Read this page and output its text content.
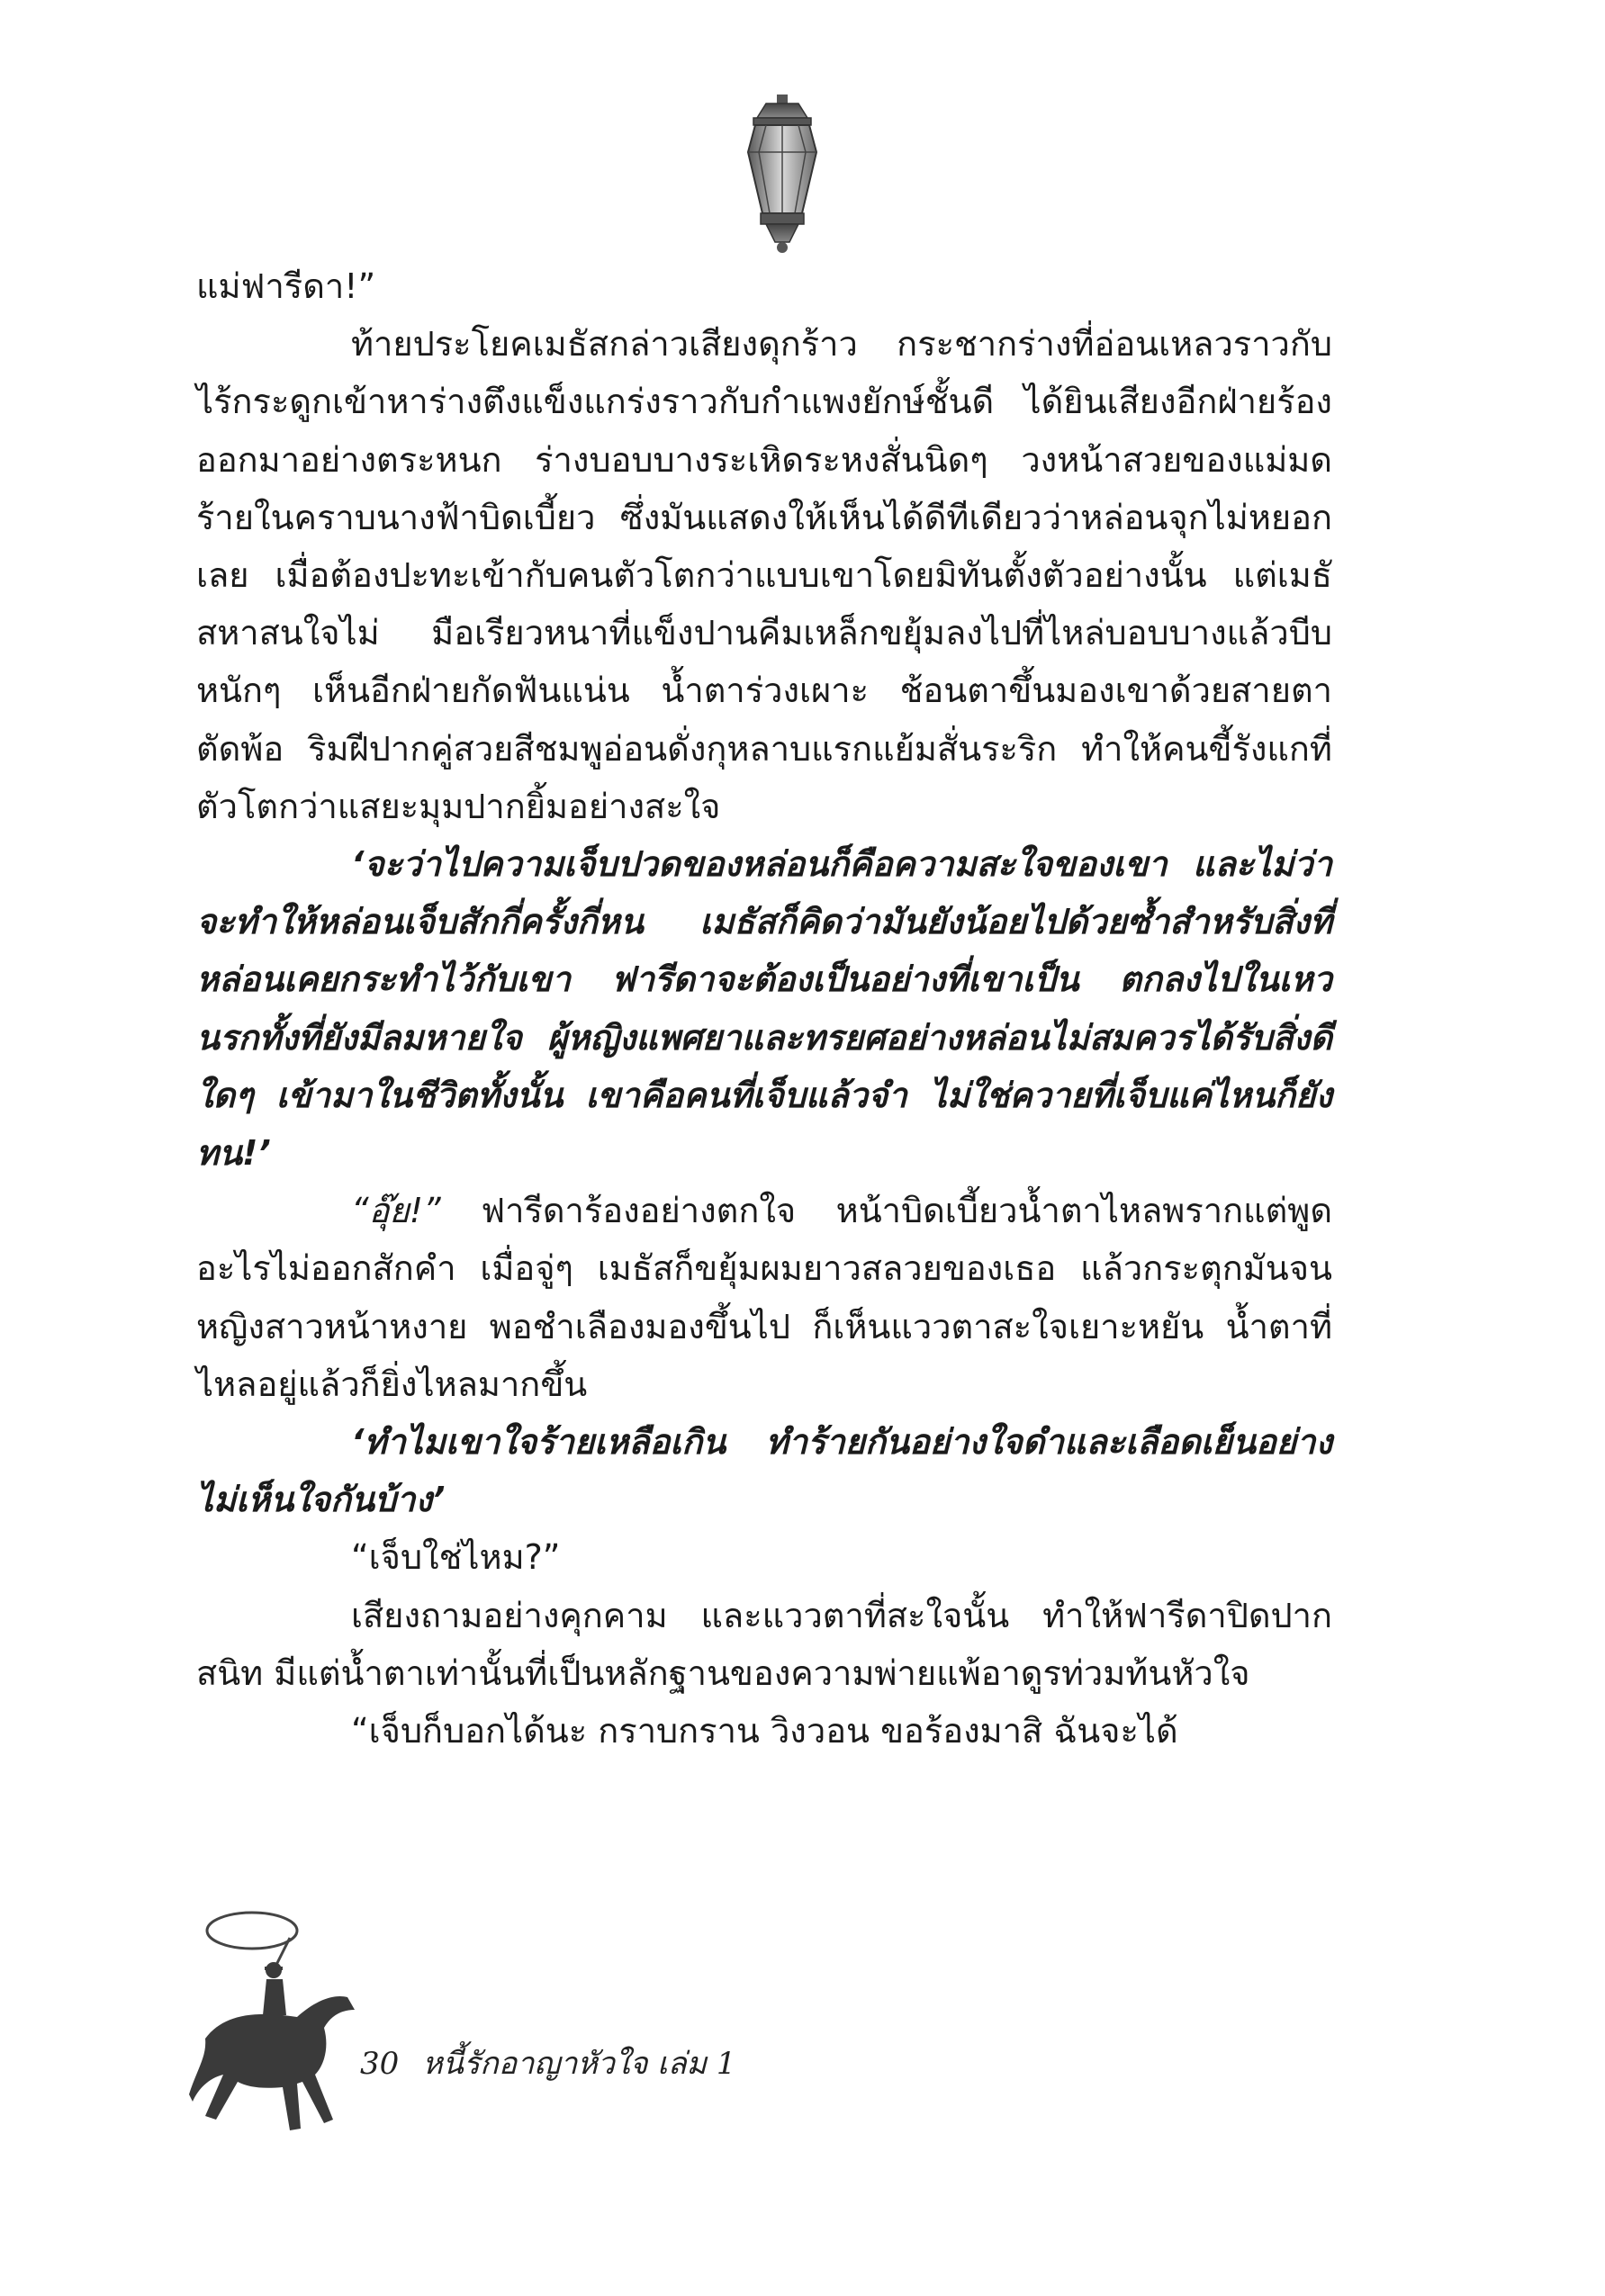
แม่ฟารีดา!”

ท้ายประโยคเมธัสกล่าวเสียงดุกร้าว กระชากร่างที่อ่อนเหลวราวกับไร้กระดูกเข้าหาร่างตึงแข็งแกร่งราวกับกำแพงยักษ์ชั้นดี ได้ยินเสียงอีกฝ่ายร้องออกมาอย่างตระหนก ร่างบอบบางระเหิดระหงสั่นนิดๆ วงหน้าสวยของแม่มดร้ายในคราบนางฟ้าบิดเบี้ยว ซึ่งมันแสดงให้เห็นได้ดีทีเดียวว่าหล่อนจุกไม่หยอกเลย เมื่อต้องปะทะเข้ากับคนตัวโตกว่าแบบเขาโดยมิทันตั้งตัวอย่างนั้น แต่เมธัสหาสนใจไม่ มือเรียวหนาที่แข็งปานคีมเหล็กขยุ้มลงไปที่ไหล่บอบบางแล้วบีบหนักๆ เห็นอีกฝ่ายกัดฟันแน่น น้ำตาร่วงเผาะ ช้อนตาขึ้นมองเขาด้วยสายตาตัดพ้อ ริมฝีปากคู่สวยสีชมพูอ่อนดั่งกุหลาบแรกแย้มสั่นระริก ทำให้คนขี้รังแกที่ตัวโตกว่าแสยะมุมปากยิ้มอย่างสะใจ

‘จะว่าไปความเจ็บปวดของหล่อนก็คือความสะใจของเขา และไม่ว่าจะทำให้หล่อนเจ็บสักกี่ครั้งกี่หน เมธัสก็คิดว่ามันยังน้อยไปด้วยซ้ำสำหรับสิ่งที่หล่อนเคยกระทำไว้กับเขา ฟารีดาจะต้องเป็นอย่างที่เขาเป็น ตกลงไปในเหวนรกทั้งที่ยังมีลมหายใจ ผู้หญิงแพศยาและทรยศอย่างหล่อนไม่สมควรได้รับสิ่งดีใดๆ เข้ามาในชีวิตทั้งนั้น เขาคือคนที่เจ็บแล้วจำ ไม่ใช่ควายที่เจ็บแค่ไหนก็ยังทน!’

“อุ๊ย!” ฟารีดาร้องอย่างตกใจ หน้าบิดเบี้ยวน้ำตาไหลพรากแต่พูดอะไรไม่ออกสักคำ เมื่อจู่ๆ เมธัสก็ขยุ้มผมยาวสลวยของเธอ แล้วกระตุกมันจนหญิงสาวหน้าหงาย พอชำเลืองมองขึ้นไป ก็เห็นแววตาสะใจเยาะหยัน น้ำตาที่ไหลอยู่แล้วก็ยิ่งไหลมากขึ้น

‘ทำไมเขาใจร้ายเหลือเกิน ทำร้ายกันอย่างใจดำและเลือดเย็นอย่างไม่เห็นใจกันบ้าง’

“เจ็บใช่ไหม?”

เสียงถามอย่างคุกคาม และแววตาที่สะใจนั้น ทำให้ฟารีดาปิดปากสนิท มีแต่น้ำตาเท่านั้นที่เป็นหลักฐานของความพ่ายแพ้อาดูรท่วมท้นหัวใจ

“เจ็บก็บอกได้นะ กราบกราน วิงวอน ขอร้องมาสิ ฉันจะได้

30 หนี้รักอาญาหัวใจ เล่ม 1
